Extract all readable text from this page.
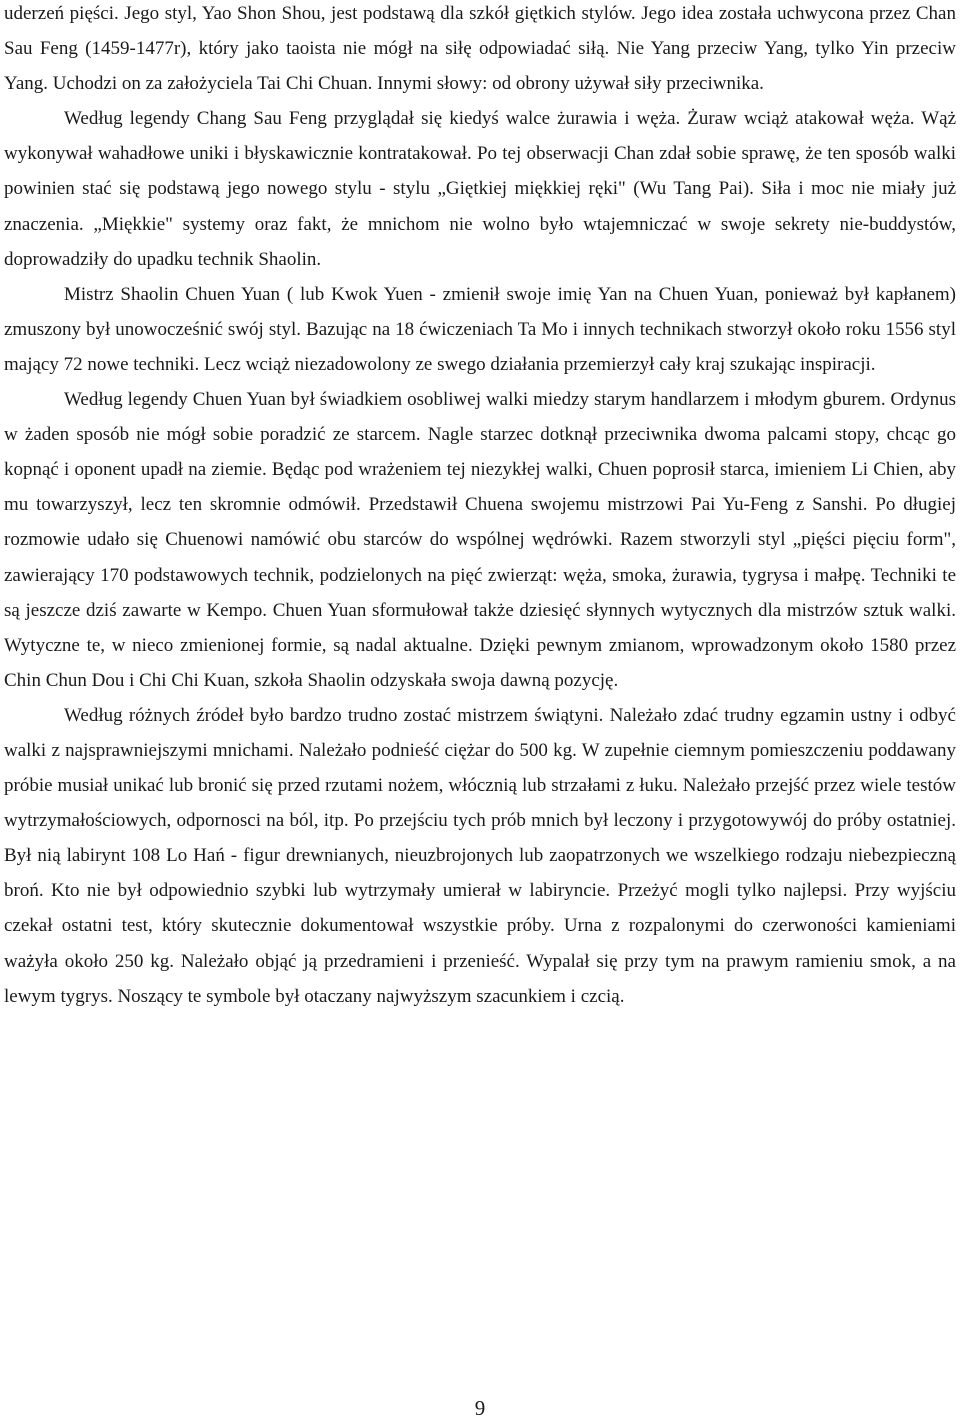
uderzeń pięści. Jego styl, Yao Shon Shou, jest podstawą dla szkół giętkich stylów. Jego idea została uchwycona przez Chan Sau Feng (1459-1477r), który jako taoista nie mógł na siłę odpowiadać siłą. Nie Yang przeciw Yang, tylko Yin przeciw Yang. Uchodzi on za założyciela Tai Chi Chuan. Innymi słowy: od obrony używał siły przeciwnika.

Według legendy Chang Sau Feng przyglądał się kiedyś walce żurawia i węża. Żuraw wciąż atakował węża. Wąż wykonywał wahadłowe uniki i błyskawicznie kontratakował. Po tej obserwacji Chan zdał sobie sprawę, że ten sposób walki powinien stać się podstawą jego nowego stylu - stylu „Giętkiej miękkiej ręki" (Wu Tang Pai). Siła i moc nie miały już znaczenia. „Miękkie" systemy oraz fakt, że mnichom nie wolno było wtajemniczać w swoje sekrety nie-buddystów, doprowadziły do upadku technik Shaolin.

Mistrz Shaolin Chuen Yuan ( lub Kwok Yuen - zmienił swoje imię Yan na Chuen Yuan, ponieważ był kapłanem) zmuszony był unowocześnić swój styl. Bazując na 18 ćwiczeniach Ta Mo i innych technikach stworzył około roku 1556 styl mający 72 nowe techniki. Lecz wciąż niezadowolony ze swego działania przemierzył cały kraj szukając inspiracji.

Według legendy Chuen Yuan był świadkiem osobliwej walki miedzy starym handlarzem i młodym gburem. Ordynus w żaden sposób nie mógł sobie poradzić ze starcem. Nagle starzec dotknął przeciwnika dwoma palcami stopy, chcąc go kopnąć i oponent upadł na ziemie. Będąc pod wrażeniem tej niezykłej walki, Chuen poprosił starca, imieniem Li Chien, aby mu towarzyszył, lecz ten skromnie odmówił. Przedstawił Chuena swojemu mistrzowi Pai Yu-Feng z Sanshi. Po długiej rozmowie udało się Chuenowi namówić obu starców do wspólnej wędrówki. Razem stworzyli styl „pięści pięciu form", zawierający 170 podstawowych technik, podzielonych na pięć zwierząt: węża, smoka, żurawia, tygrysa i małpę. Techniki te są jeszcze dziś zawarte w Kempo. Chuen Yuan sformułował także dziesięć słynnych wytycznych dla mistrzów sztuk walki. Wytyczne te, w nieco zmienionej formie, są nadal aktualne. Dzięki pewnym zmianom, wprowadzonym około 1580 przez Chin Chun Dou i Chi Chi Kuan, szkoła Shaolin odzyskała swoja dawną pozycję.

Według różnych źródeł było bardzo trudno zostać mistrzem świątyni. Należało zdać trudny egzamin ustny i odbyć walki z najsprawniejszymi mnichami. Należało podnieść ciężar do 500 kg. W zupełnie ciemnym pomieszczeniu poddawany próbie musiał unikać lub bronić się przed rzutami nożem, włócznią lub strzałami z łuku. Należało przejść przez wiele testów wytrzymałościowych, odpornosci na ból, itp. Po przejściu tych prób mnich był leczony i przygotowywój do próby ostatniej. Był nią labirynt 108 Lo Hań - figur drewnianych, nieuzbrojonych lub zaopatrzonych we wszelkiego rodzaju niebezpieczną broń. Kto nie był odpowiednio szybki lub wytrzymały umierał w labiryncie. Przeżyć mogli tylko najlepsi. Przy wyjściu czekał ostatni test, który skutecznie dokumentował wszystkie próby. Urna z rozpalonymi do czerwoności kamieniami ważyła około 250 kg. Należało objąć ją przedramieni i przenieść. Wypalał się przy tym na prawym ramieniu smok, a na lewym tygrys. Noszący te symbole był otaczany najwyższym szacunkiem i czcią.

9
